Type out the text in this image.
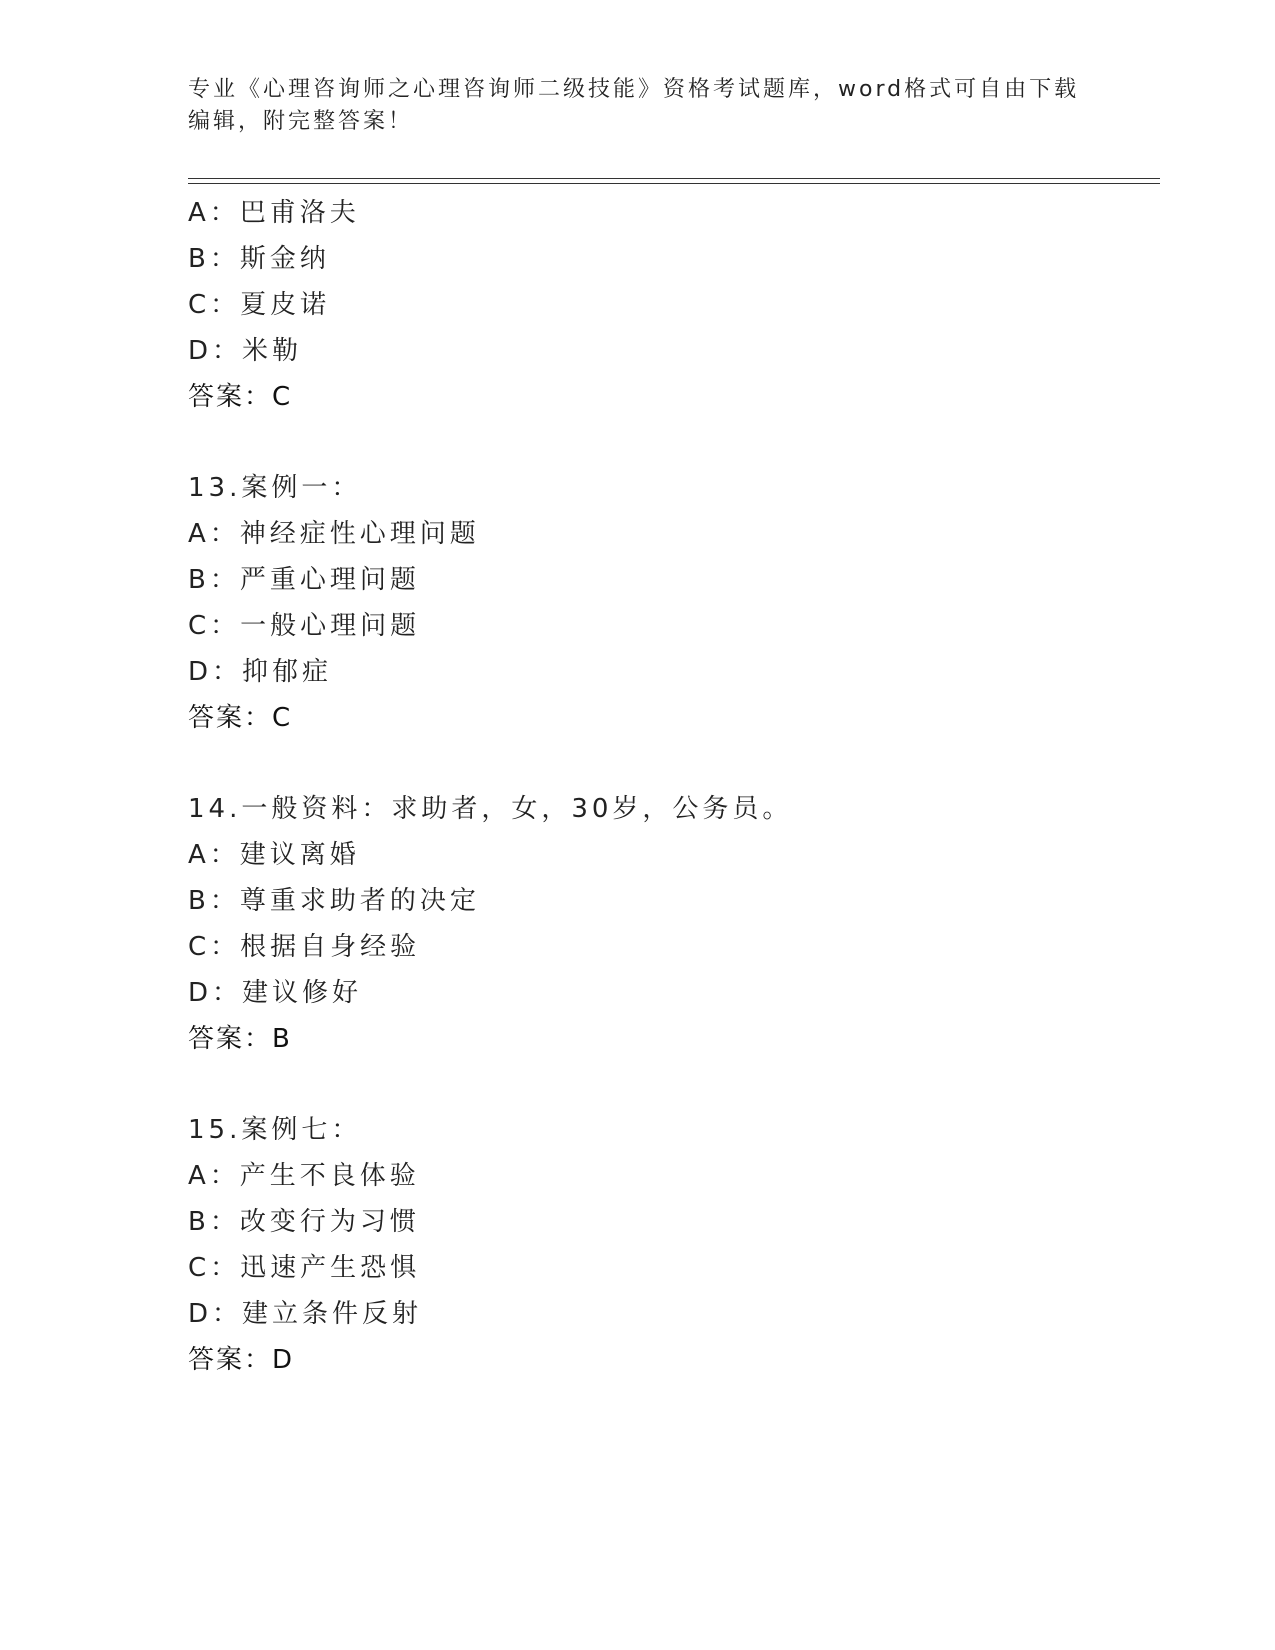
专业《心理咨询师之心理咨询师二级技能》资格考试题库，word格式可自由下载
编辑，附完整答案！
A：巴甫洛夫
B：斯金纳
C：夏皮诺
D：米勒
答案：C
13.案例一：
A：神经症性心理问题
B：严重心理问题
C：一般心理问题
D：抑郁症
答案：C
14.一般资料：求助者，女，30岁，公务员。
A：建议离婚
B：尊重求助者的决定
C：根据自身经验
D：建议修好
答案：B
15.案例七：
A：产生不良体验
B：改变行为习惯
C：迅速产生恐惧
D：建立条件反射
答案：D
